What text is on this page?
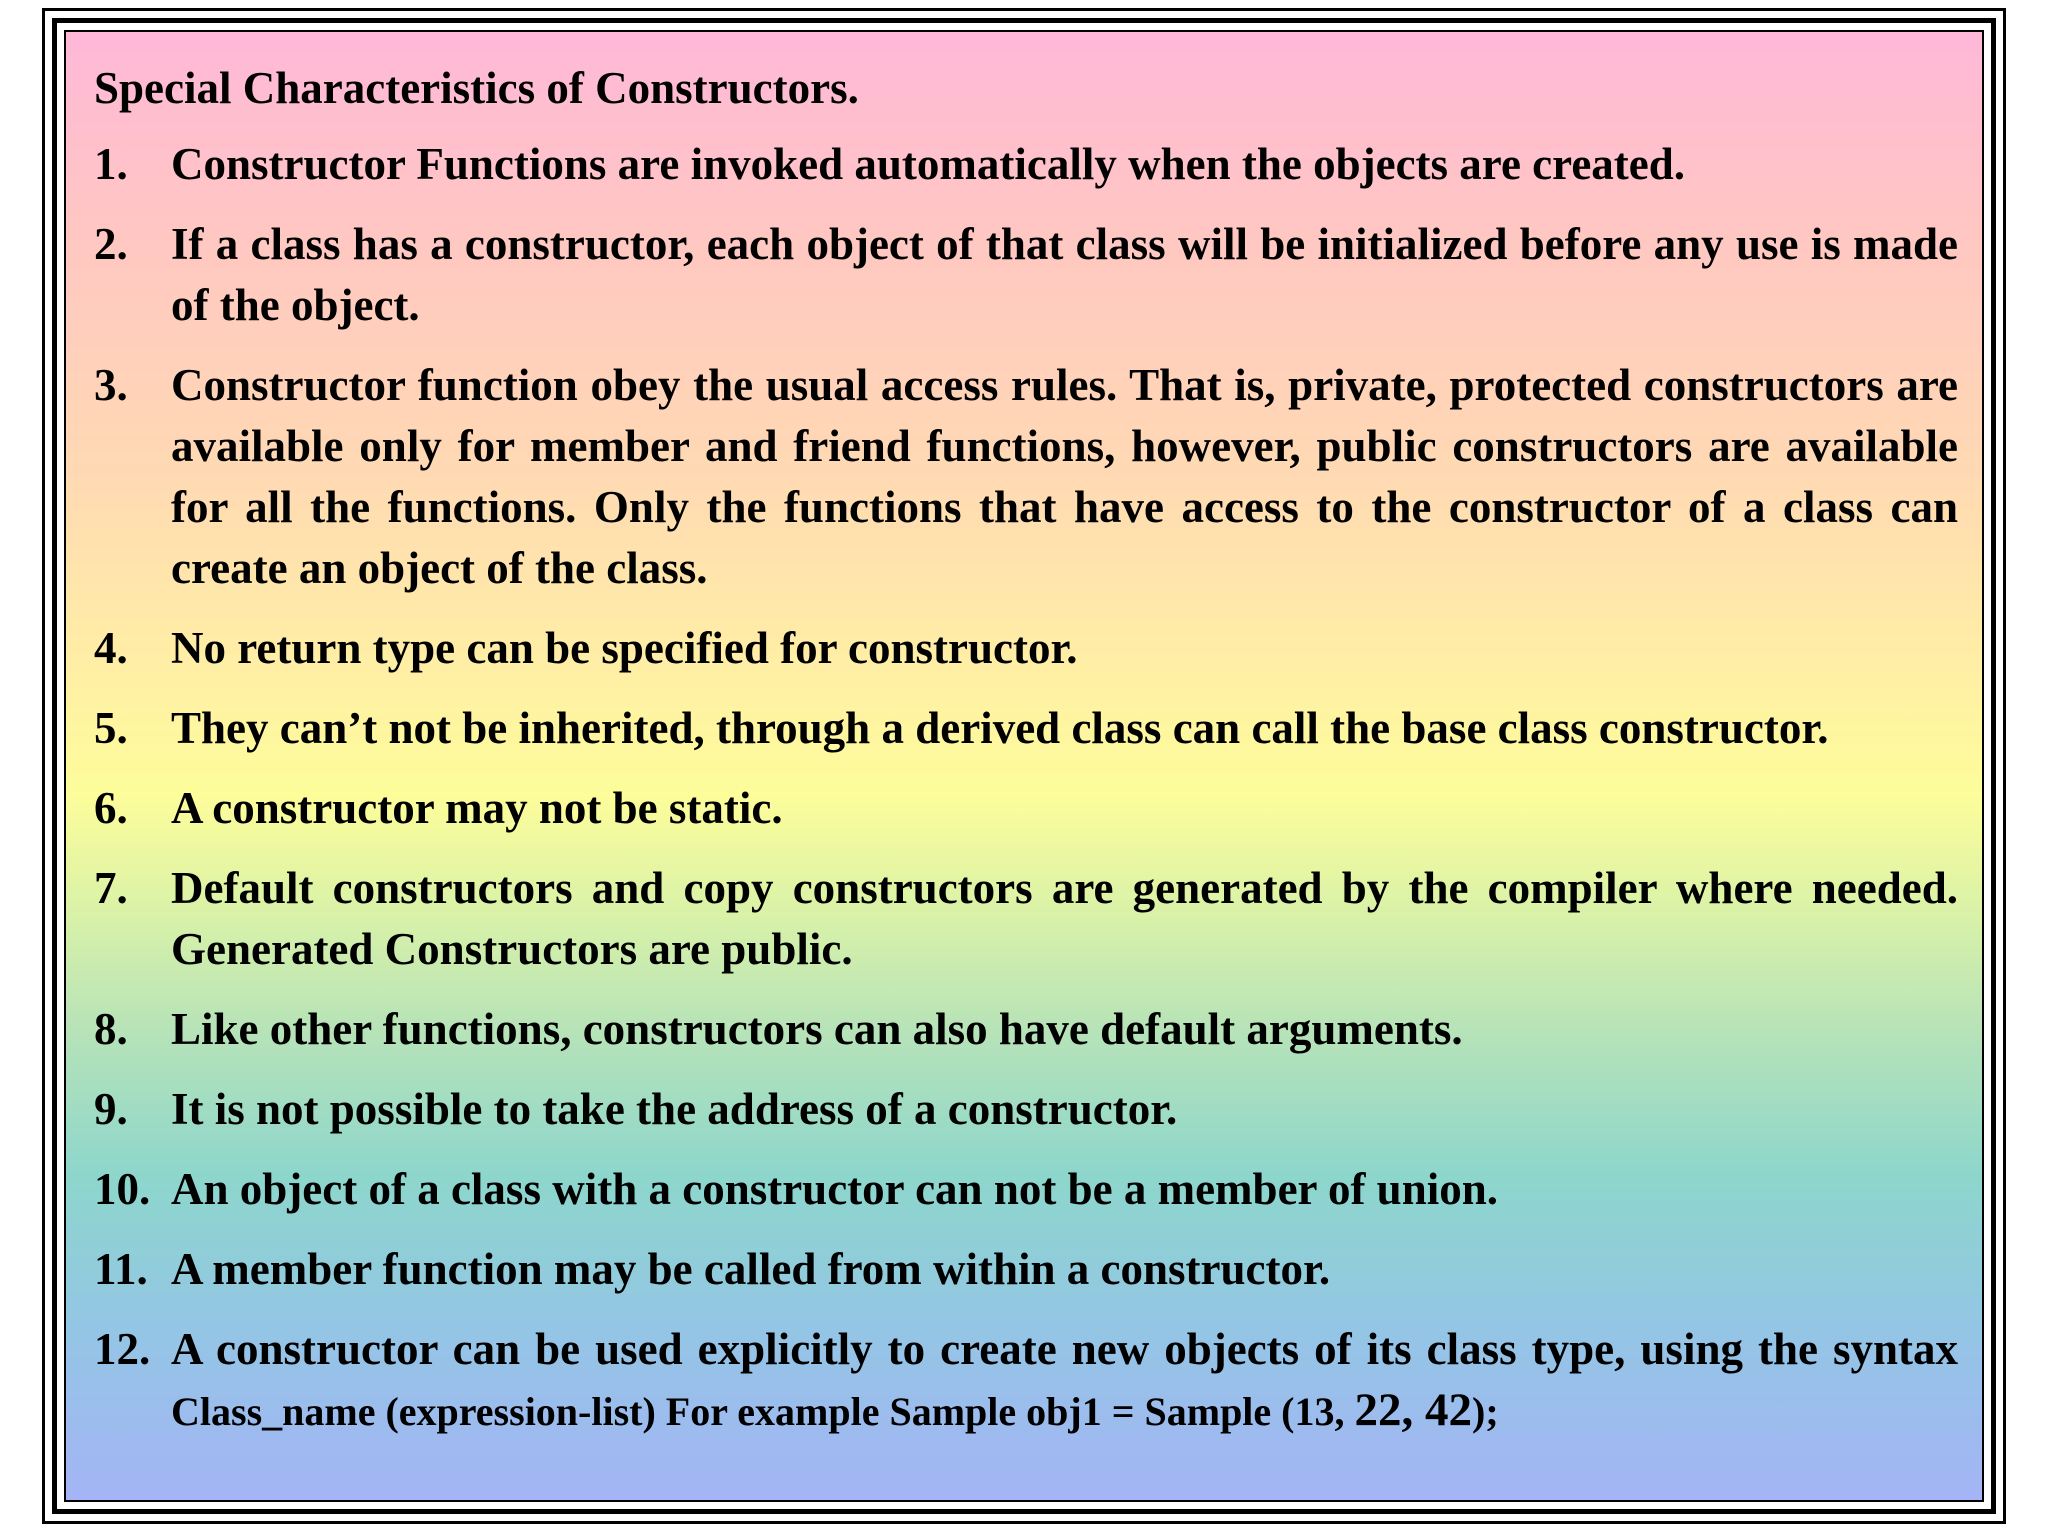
Special Characteristics of Constructors.
1. Constructor Functions are invoked automatically when the objects are created.
2. If a class has a constructor, each object of that class will be initialized before any use is made of the object.
3. Constructor function obey the usual access rules. That is, private, protected constructors are available only for member and friend functions, however, public constructors are available for all the functions. Only the functions that have access to the constructor of a class can create an object of the class.
4. No return type can be specified for constructor.
5. They can’t not be inherited, through a derived class can call the base class constructor.
6. A constructor may not be static.
7. Default constructors and copy constructors are generated by the compiler where needed. Generated Constructors are public.
8. Like other functions, constructors can also have default arguments.
9. It is not possible to take the address of a constructor.
10. An object of a class with a constructor can not be a member of union.
11. A member function may be called from within a constructor.
12. A constructor can be used explicitly to create new objects of its class type, using the syntax Class_name (expression-list) For example Sample obj1 = Sample (13, 22, 42);
